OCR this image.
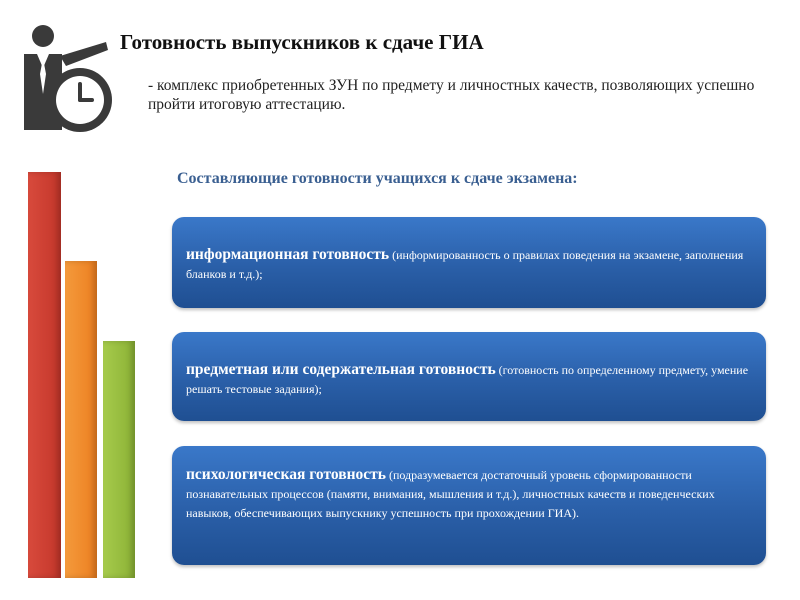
Готовность выпускников к сдаче ГИА
- комплекс приобретенных ЗУН по предмету и личностных качеств, позволяющих успешно пройти итоговую аттестацию.
Составляющие готовности учащихся к сдаче экзамена:
информационная готовность (информированность о правилах поведения на экзамене, заполнения бланков и т.д.);
предметная или содержательная готовность (готовность по определенному предмету, умение решать тестовые задания);
психологическая готовность (подразумевается достаточный уровень сформированности познавательных процессов (памяти, внимания, мышления и т.д.), личностных качеств и поведенческих навыков, обеспечивающих выпускнику успешность при прохождении ГИА).
